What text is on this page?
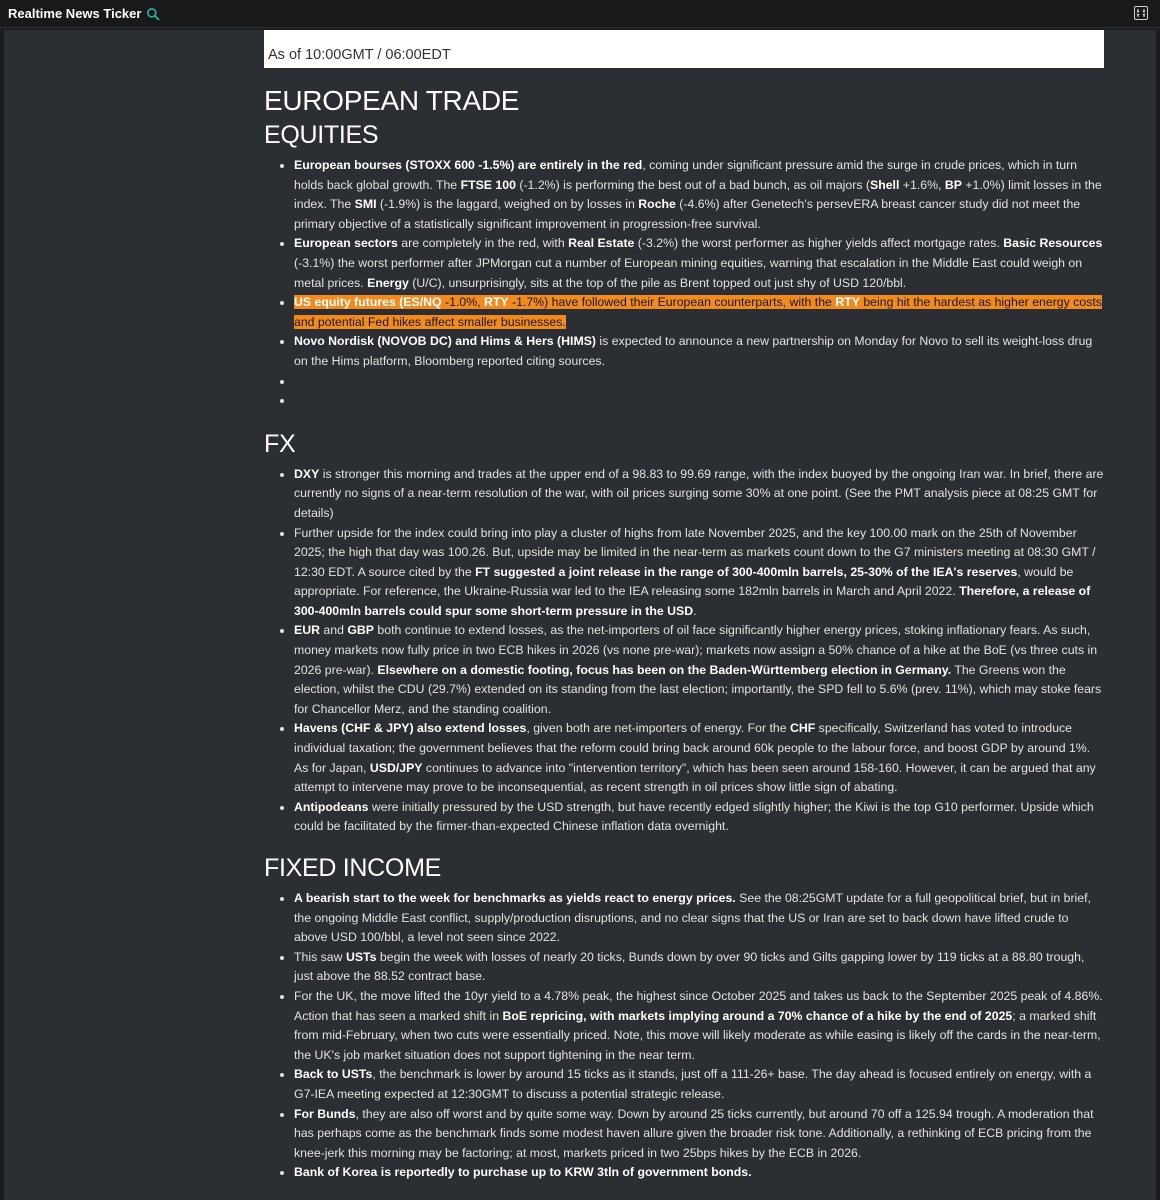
Realtime News Ticker
As of 10:00GMT / 06:00EDT
EUROPEAN TRADE
EQUITIES
• European bourses (STOXX 600 -1.5%) are entirely in the red, coming under significant pressure amid the surge in crude prices, which in turn holds back global growth. The FTSE 100 (-1.2%) is performing the best out of a bad bunch, as oil majors (Shell +1.6%, BP +1.0%) limit losses in the index. The SMI (-1.9%) is the laggard, weighed on by losses in Roche (-4.6%) after Genetech's persevERA breast cancer study did not meet the primary objective of a statistically significant improvement in progression-free survival.
• European sectors are completely in the red, with Real Estate (-3.2%) the worst performer as higher yields affect mortgage rates. Basic Resources (-3.1%) the worst performer after JPMorgan cut a number of European mining equities, warning that escalation in the Middle East could weigh on metal prices. Energy (U/C), unsurprisingly, sits at the top of the pile as Brent topped out just shy of USD 120/bbl.
• US equity futures (ES/NQ -1.0%, RTY -1.7%) have followed their European counterparts, with the RTY being hit the hardest as higher energy costs and potential Fed hikes affect smaller businesses.
• Novo Nordisk (NOVOB DC) and Hims & Hers (HIMS) is expected to announce a new partnership on Monday for Novo to sell its weight-loss drug on the Hims platform, Bloomberg reported citing sources.
•
•
FX
• DXY is stronger this morning and trades at the upper end of a 98.83 to 99.69 range, with the index buoyed by the ongoing Iran war. In brief, there are currently no signs of a near-term resolution of the war, with oil prices surging some 30% at one point. (See the PMT analysis piece at 08:25 GMT for details)
• Further upside for the index could bring into play a cluster of highs from late November 2025, and the key 100.00 mark on the 25th of November 2025; the high that day was 100.26. But, upside may be limited in the near-term as markets count down to the G7 ministers meeting at 08:30 GMT / 12:30 EDT. A source cited by the FT suggested a joint release in the range of 300-400mln barrels, 25-30% of the IEA's reserves, would be appropriate. For reference, the Ukraine-Russia war led to the IEA releasing some 182mln barrels in March and April 2022. Therefore, a release of 300-400mln barrels could spur some short-term pressure in the USD.
• EUR and GBP both continue to extend losses, as the net-importers of oil face significantly higher energy prices, stoking inflationary fears. As such, money markets now fully price in two ECB hikes in 2026 (vs none pre-war); markets now assign a 50% chance of a hike at the BoE (vs three cuts in 2026 pre-war). Elsewhere on a domestic footing, focus has been on the Baden-Württemberg election in Germany. The Greens won the election, whilst the CDU (29.7%) extended on its standing from the last election; importantly, the SPD fell to 5.6% (prev. 11%), which may stoke fears for Chancellor Merz, and the standing coalition.
• Havens (CHF & JPY) also extend losses, given both are net-importers of energy. For the CHF specifically, Switzerland has voted to introduce individual taxation; the government believes that the reform could bring back around 60k people to the labour force, and boost GDP by around 1%. As for Japan, USD/JPY continues to advance into "intervention territory", which has been seen around 158-160. However, it can be argued that any attempt to intervene may prove to be inconsequential, as recent strength in oil prices show little sign of abating.
• Antipodeans were initially pressured by the USD strength, but have recently edged slightly higher; the Kiwi is the top G10 performer. Upside which could be facilitated by the firmer-than-expected Chinese inflation data overnight.
FIXED INCOME
• A bearish start to the week for benchmarks as yields react to energy prices. See the 08:25GMT update for a full geopolitical brief, but in brief, the ongoing Middle East conflict, supply/production disruptions, and no clear signs that the US or Iran are set to back down have lifted crude to above USD 100/bbl, a level not seen since 2022.
• This saw USTs begin the week with losses of nearly 20 ticks, Bunds down by over 90 ticks and Gilts gapping lower by 119 ticks at a 88.80 trough, just above the 88.52 contract base.
• For the UK, the move lifted the 10yr yield to a 4.78% peak, the highest since October 2025 and takes us back to the September 2025 peak of 4.86%. Action that has seen a marked shift in BoE repricing, with markets implying around a 70% chance of a hike by the end of 2025; a marked shift from mid-February, when two cuts were essentially priced. Note, this move will likely moderate as while easing is likely off the cards in the near-term, the UK's job market situation does not support tightening in the near term.
• Back to USTs, the benchmark is lower by around 15 ticks as it stands, just off a 111-26+ base. The day ahead is focused entirely on energy, with a G7-IEA meeting expected at 12:30GMT to discuss a potential strategic release.
• For Bunds, they are also off worst and by quite some way. Down by around 25 ticks currently, but around 70 off a 125.94 trough. A moderation that has perhaps come as the benchmark finds some modest haven allure given the broader risk tone. Additionally, a rethinking of ECB pricing from the knee-jerk this morning may be factoring; at most, markets priced in two 25bps hikes by the ECB in 2026.
• Bank of Korea is reportedly to purchase up to KRW 3tln of government bonds.
